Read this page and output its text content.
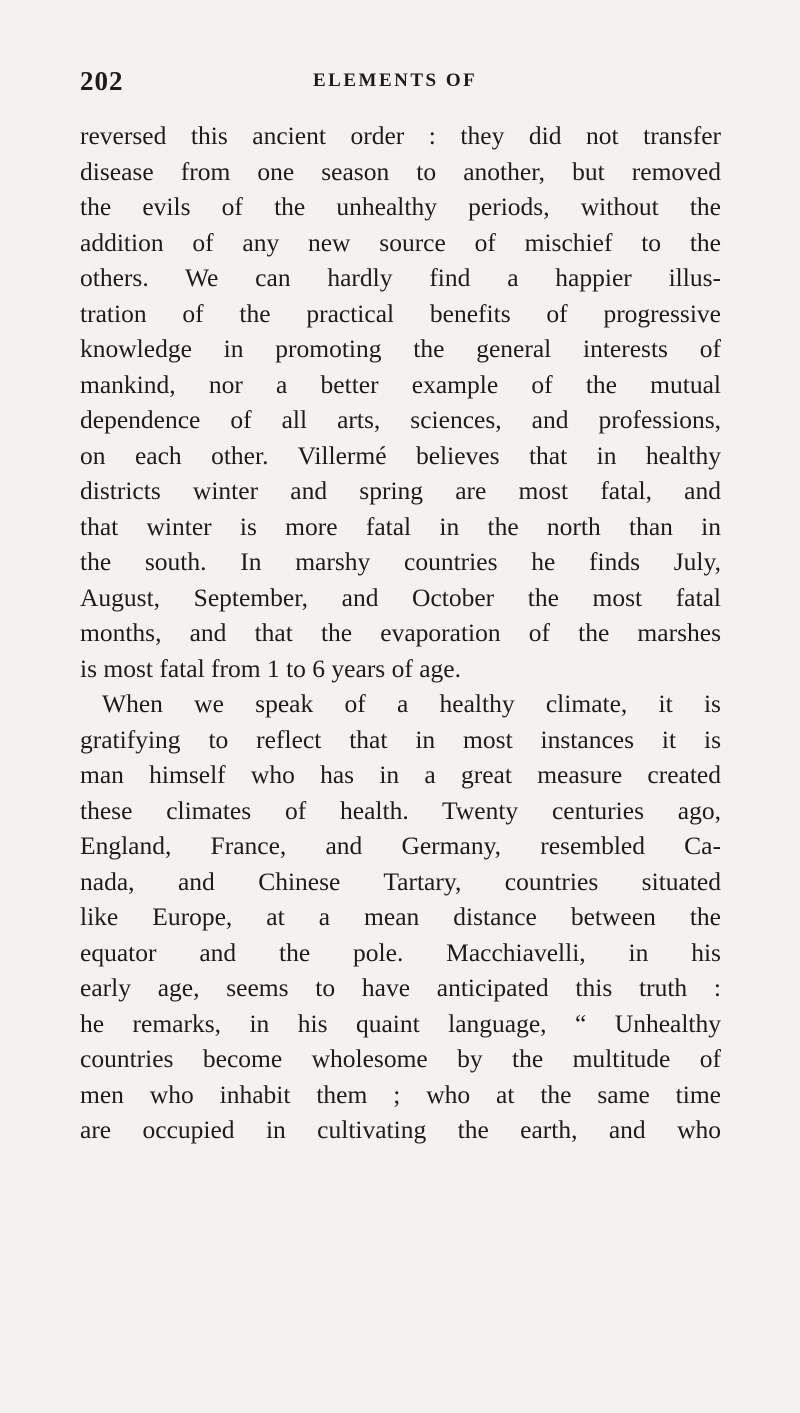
202	ELEMENTS OF
reversed this ancient order : they did not transfer
disease from one season to another, but removed
the evils of the unhealthy periods, without the
addition of any new source of mischief to the
others. We can hardly find a happier illus-
tration of the practical benefits of progressive
knowledge in promoting the general interests of
mankind, nor a better example of the mutual
dependence of all arts, sciences, and professions,
on each other. Villermé believes that in healthy
districts winter and spring are most fatal, and
that winter is more fatal in the north than in
the south. In marshy countries he finds July,
August, September, and October the most fatal
months, and that the evaporation of the marshes
is most fatal from 1 to 6 years of age.
When we speak of a healthy climate, it is
gratifying to reflect that in most instances it is
man himself who has in a great measure created
these climates of health. Twenty centuries ago,
England, France, and Germany, resembled Ca-
nada, and Chinese Tartary, countries situated
like Europe, at a mean distance between the
equator and the pole. Macchiavelli, in his
early age, seems to have anticipated this truth :
he remarks, in his quaint language, “ Unhealthy
countries become wholesome by the multitude of
men who inhabit them ; who at the same time
are occupied in cultivating the earth, and who
